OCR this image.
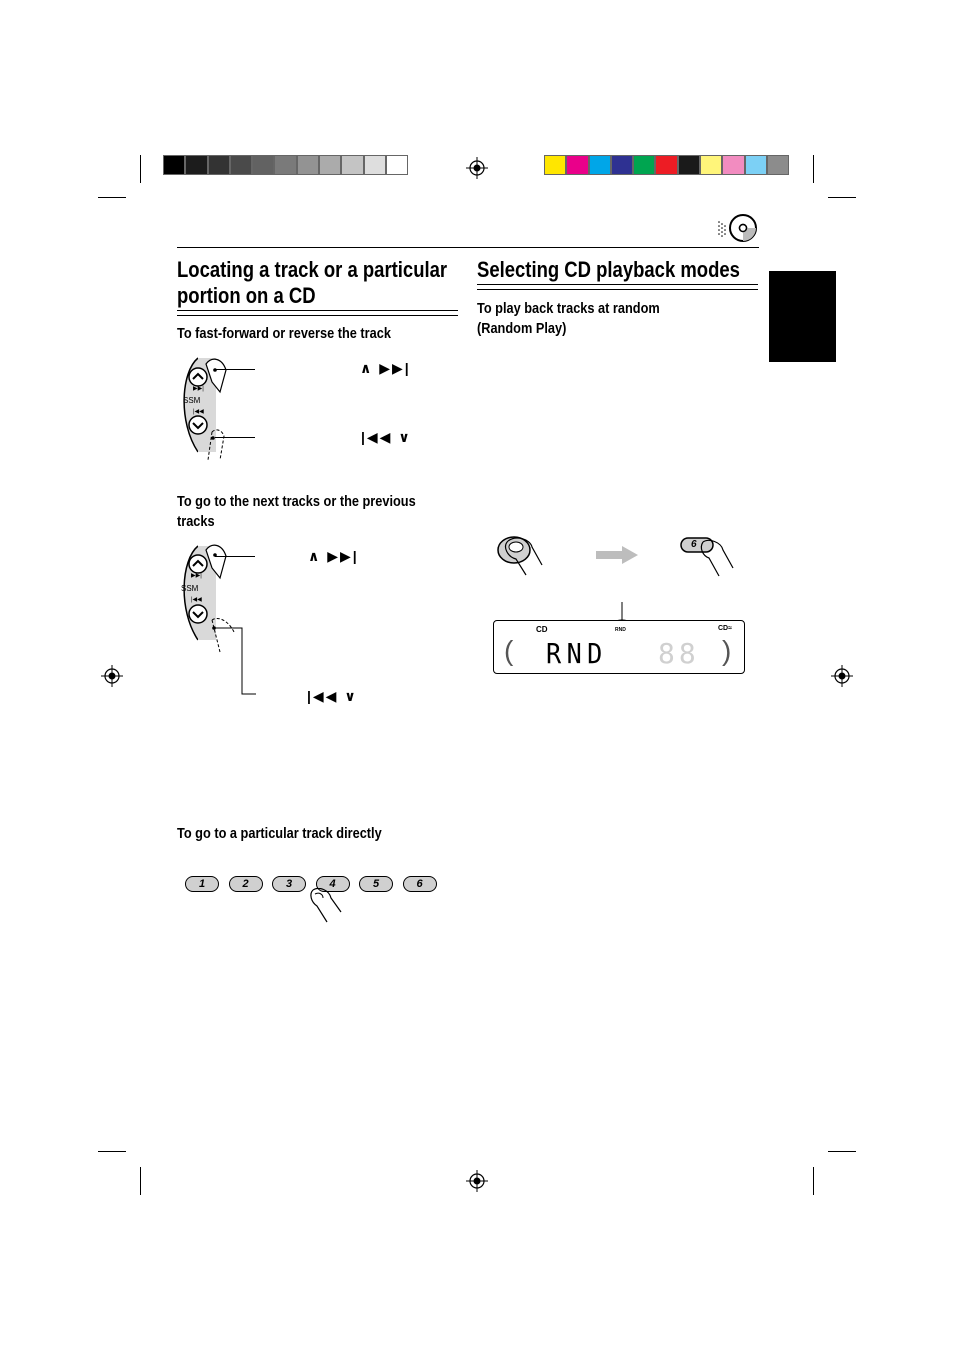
Locating a track or a particular
portion on a CD
To fast-forward or reverse the track
SSM
▶▶|
|◀◀
∧ ▶▶|
|◀◀ ∨
To go to the next tracks or the previous
tracks
SSM
▶▶|
|◀◀
∧ ▶▶|
|◀◀ ∨
To go to a particular track directly
1	2	3	4	5	6
Selecting CD playback modes
To play back tracks at random
(Random Play)
6
CD	RND	CD≈
(	)
RND 88
